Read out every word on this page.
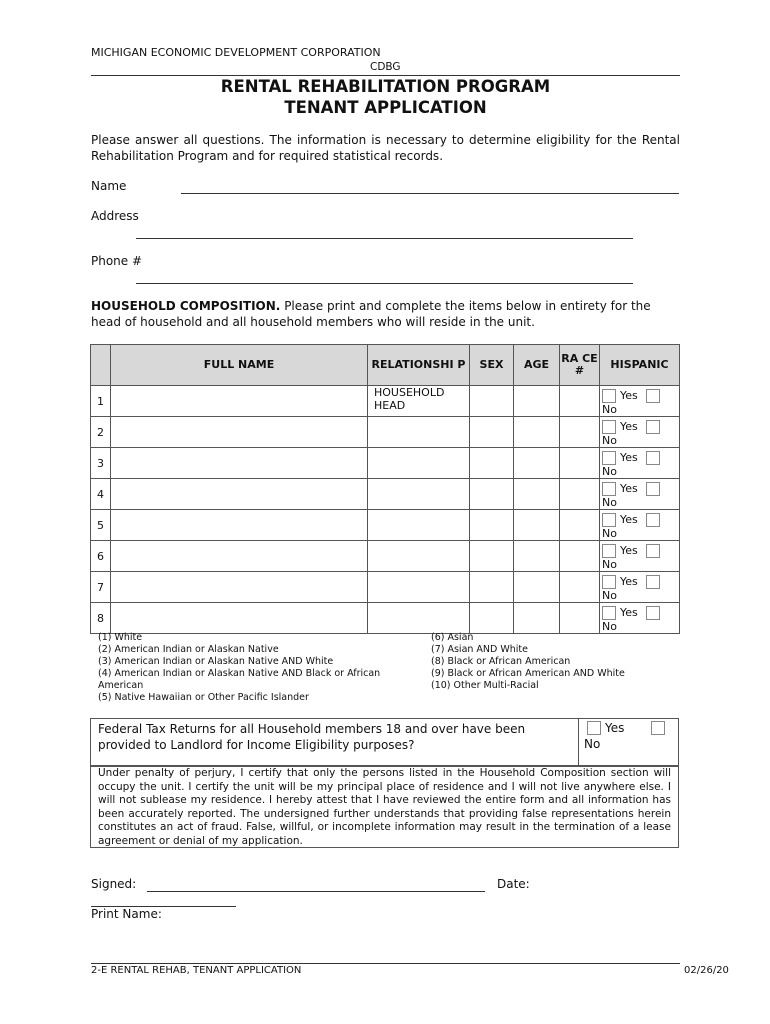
MICHIGAN ECONOMIC DEVELOPMENT CORPORATION
CDBG
RENTAL REHABILITATION PROGRAM
TENANT APPLICATION
Please answer all questions. The information is necessary to determine eligibility for the Rental Rehabilitation Program and for required statistical records.
Name
Address
Phone #
HOUSEHOLD COMPOSITION. Please print and complete the items below in entirety for the head of household and all household members who will reside in the unit.
	FULL NAME	RELATIONSHI P	SEX	AGE	RA CE #	HISPANIC
1		HOUSEHOLD HEAD				Yes
No

2						Yes
No

3						Yes
No

4						Yes
No

5						Yes
No

6						Yes
No

7						Yes
No

8						Yes
No
(1) White
(2) American Indian or Alaskan Native
(3) American Indian or Alaskan Native AND White
(4) American Indian or Alaskan Native AND Black or African American
(5) Native Hawaiian or Other Pacific Islander
(6) Asian
(7) Asian AND White
(8) Black or African American
(9) Black or African American AND White
(10) Other Multi-Racial
Federal Tax Returns for all Household members 18 and over have been provided to Landlord for Income Eligibility purposes?
Yes
No
Under penalty of perjury, I certify that only the persons listed in the Household Composition section will occupy the unit. I certify the unit will be my principal place of residence and I will not live anywhere else. I will not sublease my residence. I hereby attest that I have reviewed the entire form and all information has been accurately reported. The undersigned further understands that providing false representations herein constitutes an act of fraud. False, willful, or incomplete information may result in the termination of a lease agreement or denial of my application.
Signed:	Date:
Print Name:
2-E RENTAL REHAB, TENANT APPLICATION	02/26/20
